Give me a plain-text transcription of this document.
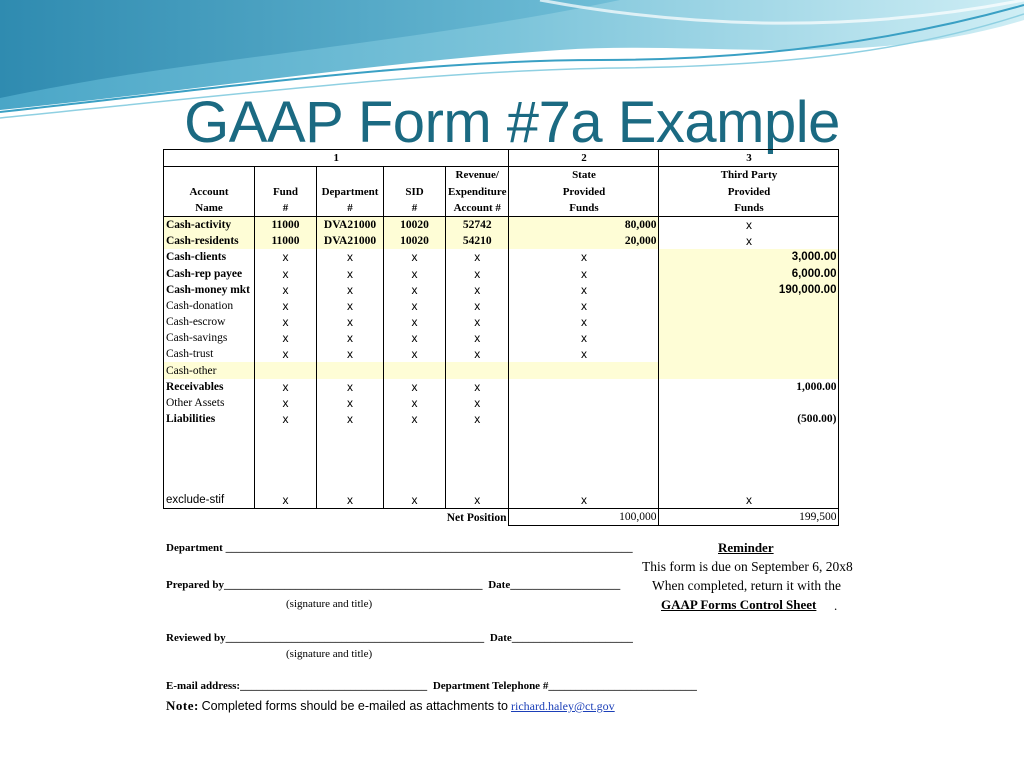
GAAP Form #7a Example
1					2	3
				Revenue/	State	Third Party
Account	Fund	Department	SID	Expenditure	Provided	Provided
Name	#	#	#	Account #	Funds	Funds
Cash-activity	11000	DVA21000	10020	52742	80,000	x
Cash-residents	11000	DVA21000	10020	54210	20,000	x
Cash-clients	x	x	x	x	x	3,000.00
Cash-rep payee	x	x	x	x	x	6,000.00
Cash-money mkt	x	x	x	x	x	190,000.00
Cash-donation	x	x	x	x	x	
Cash-escrow	x	x	x	x	x	
Cash-savings	x	x	x	x	x	
Cash-trust	x	x	x	x	x	
Cash-other						
Receivables	x	x	x	x		1,000.00
Other Assets	x	x	x	x		
Liabilities	x	x	x	x		(500.00)

exclude-stif	x	x	x	x	x	x
Net Position					100,000	199,500
Department __________________________________________________________________________	Reminder
This form is due on September 6, 20x8
Prepared by_______________________________________________ Date____________________ When completed, return it with the
(signature and title)	GAAP Forms Control Sheet .
Reviewed by_______________________________________________ Date______________________
(signature and title)
E-mail address:__________________________________ Department Telephone #___________________________
Note: Completed forms should be e-mailed as attachments to richard.haley@ct.gov
